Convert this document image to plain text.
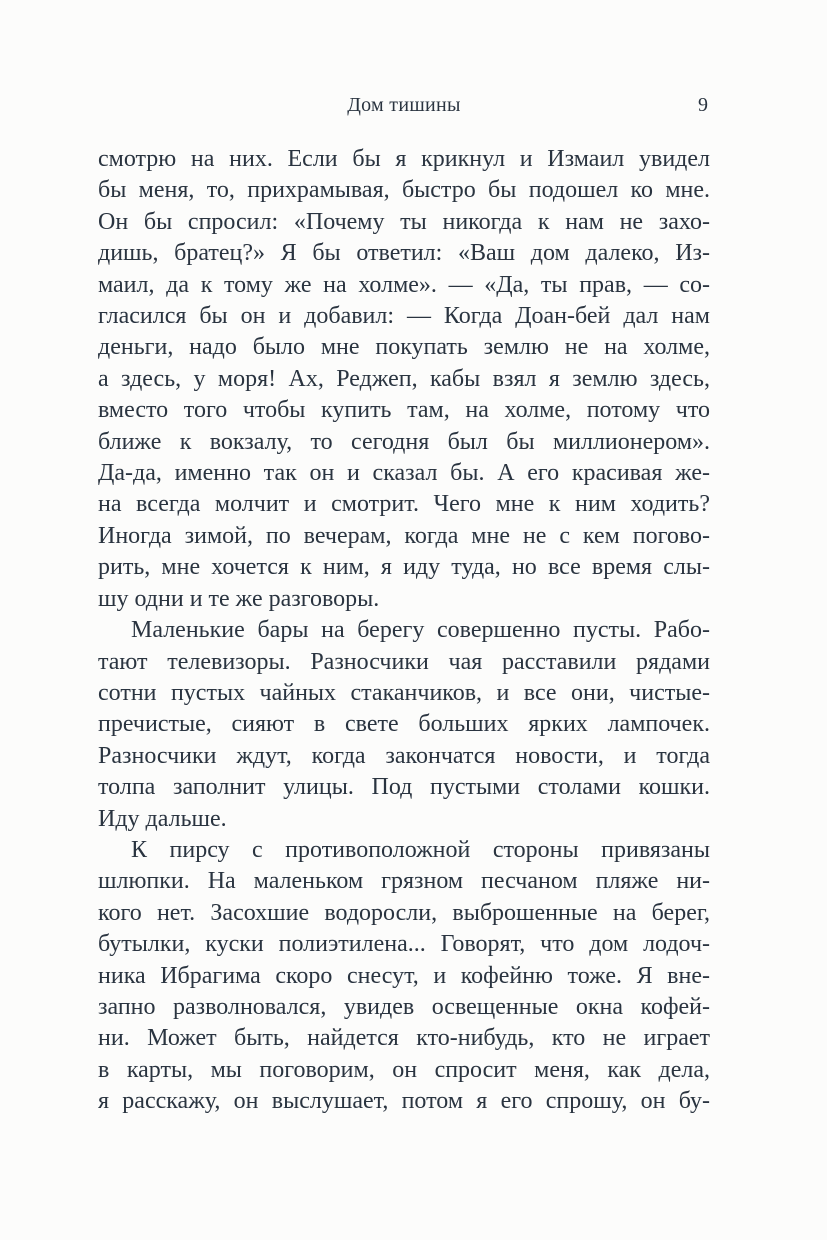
Дом тишины	9
смотрю на них. Если бы я крикнул и Измаил увидел
бы меня, то, прихрамывая, быстро бы подошел ко мне.
Он бы спросил: «Почему ты никогда к нам не захо-
дишь, братец?» Я бы ответил: «Ваш дом далеко, Из-
маил, да к тому же на холме». — «Да, ты прав, — со-
гласился бы он и добавил: — Когда Доан-бей дал нам
деньги, надо было мне покупать землю не на холме,
а здесь, у моря! Ах, Реджеп, кабы взял я землю здесь,
вместо того чтобы купить там, на холме, потому что
ближе к вокзалу, то сегодня был бы миллионером».
Да-да, именно так он и сказал бы. А его красивая же-
на всегда молчит и смотрит. Чего мне к ним ходить?
Иногда зимой, по вечерам, когда мне не с кем погово-
рить, мне хочется к ним, я иду туда, но все время слы-
шу одни и те же разговоры.
Маленькие бары на берегу совершенно пусты. Рабо-
тают телевизоры. Разносчики чая расставили рядами
сотни пустых чайных стаканчиков, и все они, чистые-
пречистые, сияют в свете больших ярких лампочек.
Разносчики ждут, когда закончатся новости, и тогда
толпа заполнит улицы. Под пустыми столами кошки.
Иду дальше.
К пирсу с противоположной стороны привязаны
шлюпки. На маленьком грязном песчаном пляже ни-
кого нет. Засохшие водоросли, выброшенные на берег,
бутылки, куски полиэтилена... Говорят, что дом лодоч-
ника Ибрагима скоро снесут, и кофейню тоже. Я вне-
запно разволновался, увидев освещенные окна кофей-
ни. Может быть, найдется кто-нибудь, кто не играет
в карты, мы поговорим, он спросит меня, как дела,
я расскажу, он выслушает, потом я его спрошу, он бу-
